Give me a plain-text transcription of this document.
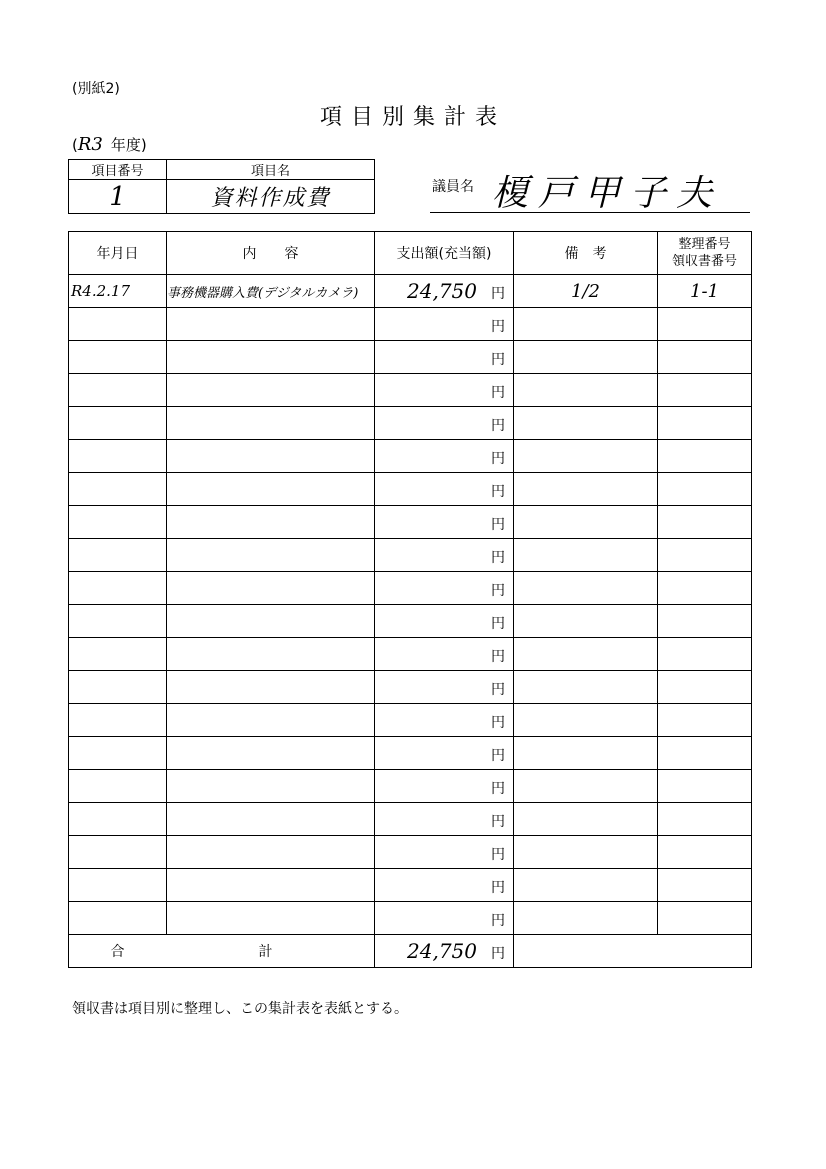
(別紙2)
項目別集計表
(R3 年度)
項目番号	項目名
1	資料作成費	議員名 榎戸甲子夫
年月日	内　　容	支出額(充当額)	備　考	整理番号
領収書番号

R4.2.17	事務機器購入費(デジタルカメラ)	24,750 円	1/2	1-1
		円		
		円		
		円		
		円		
		円		
		円		
		円		
		円		
		円		
		円		
		円		
		円		
		円		
		円		
		円		
		円		
		円		
		円		
		円		
合　計		24,750 円		
領収書は項目別に整理し、この集計表を表紙とする。
